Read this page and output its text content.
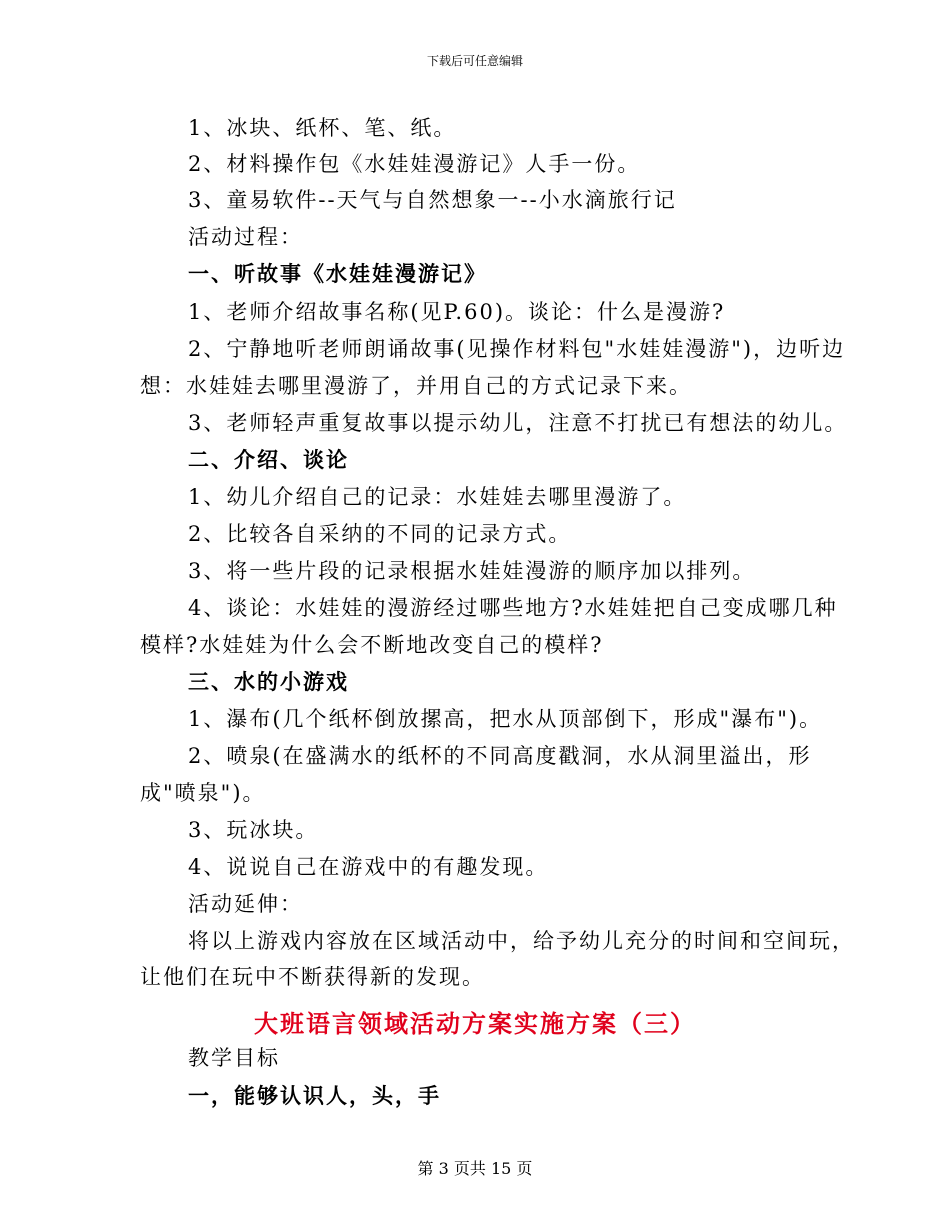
下载后可任意编辑
1、冰块、纸杯、笔、纸。
2、材料操作包《水娃娃漫游记》人手一份。
3、童易软件--天气与自然想象一--小水滴旅行记
活动过程：
一、听故事《水娃娃漫游记》
1、老师介绍故事名称(见P.60)。谈论：什么是漫游?
2、宁静地听老师朗诵故事(见操作材料包"水娃娃漫游")，边听边
想：水娃娃去哪里漫游了，并用自己的方式记录下来。
3、老师轻声重复故事以提示幼儿，注意不打扰已有想法的幼儿。
二、介绍、谈论
1、幼儿介绍自己的记录：水娃娃去哪里漫游了。
2、比较各自采纳的不同的记录方式。
3、将一些片段的记录根据水娃娃漫游的顺序加以排列。
4、谈论：水娃娃的漫游经过哪些地方?水娃娃把自己变成哪几种
模样?水娃娃为什么会不断地改变自己的模样?
三、水的小游戏
1、瀑布(几个纸杯倒放摞高，把水从顶部倒下，形成"瀑布")。
2、喷泉(在盛满水的纸杯的不同高度戳洞，水从洞里溢出，形
成"喷泉")。
3、玩冰块。
4、说说自己在游戏中的有趣发现。
活动延伸：
将以上游戏内容放在区域活动中，给予幼儿充分的时间和空间玩，
让他们在玩中不断获得新的发现。
大班语言领域活动方案实施方案（三）
教学目标
一，能够认识人，头，手
第 3 页共 15 页
